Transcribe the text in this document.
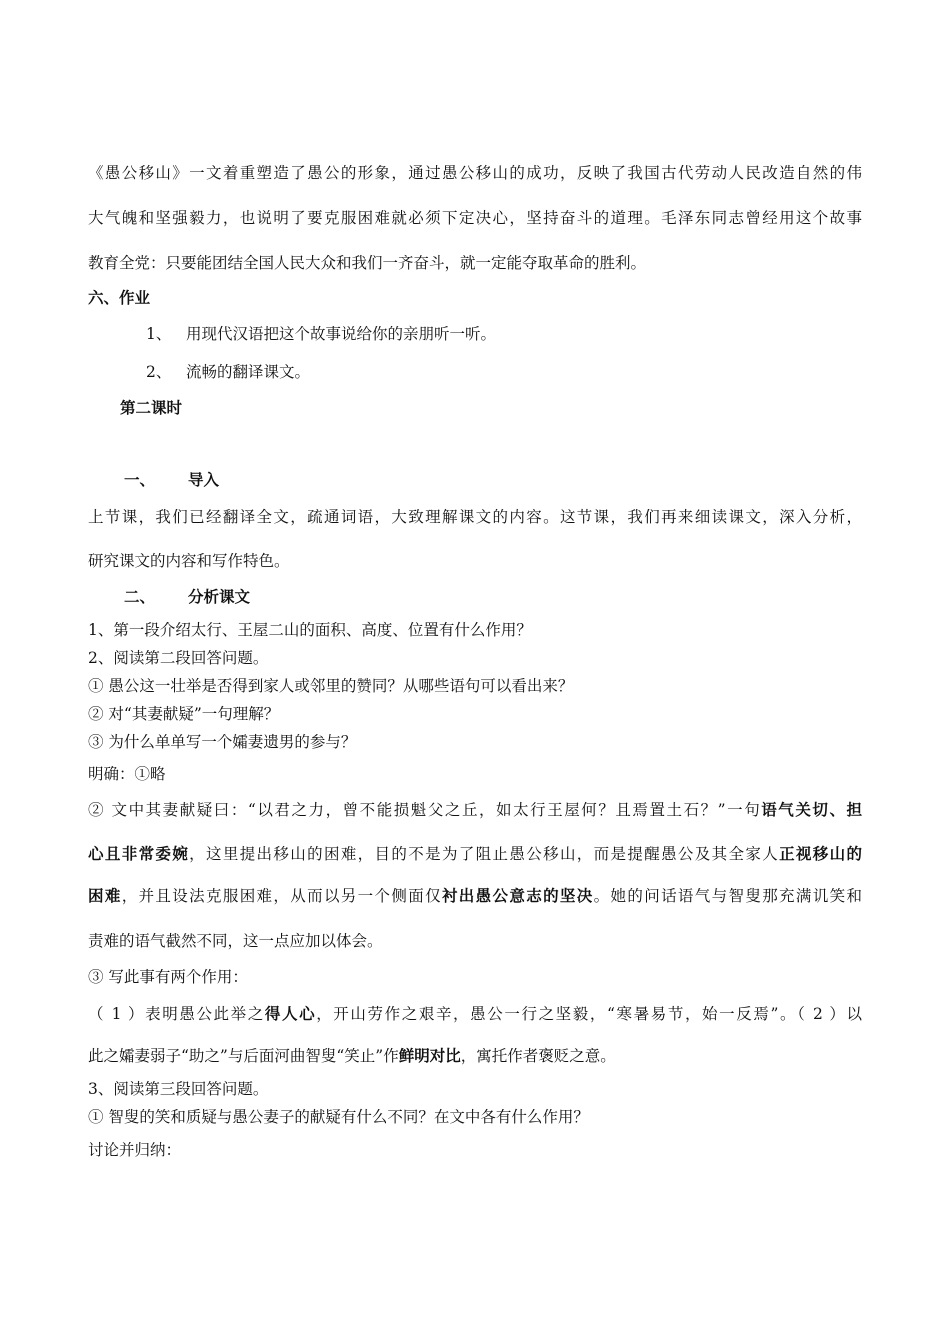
《愚公移山》一文着重塑造了愚公的形象，通过愚公移山的成功，反映了我国古代劳动人民改造自然的伟
大气魄和坚强毅力，也说明了要克服困难就必须下定决心，坚持奋斗的道理。毛泽东同志曾经用这个故事
教育全党：只要能团结全国人民大众和我们一齐奋斗，就一定能夺取革命的胜利。
六、作业
1、 用现代汉语把这个故事说给你的亲朋听一听。
2、 流畅的翻译课文。
第二课时
一、 导入
上节课，我们已经翻译全文，疏通词语，大致理解课文的内容。这节课，我们再来细读课文，深入分析，
研究课文的内容和写作特色。
二、 分析课文
1、第一段介绍太行、王屋二山的面积、高度、位置有什么作用？
2、阅读第二段回答问题。
① 愚公这一壮举是否得到家人或邻里的赞同？从哪些语句可以看出来？
② 对“其妻献疑”一句理解？
③ 为什么单单写一个孀妻遗男的参与？
明确：①略
② 文中其妻献疑曰：“以君之力，曾不能损魁父之丘，如太行王屋何？且焉置土石？”一句语气关切、担
心且非常委婉，这里提出移山的困难，目的不是为了阻止愚公移山，而是提醒愚公及其全家人正视移山的
困难，并且设法克服困难，从而以另一个侧面仅衬出愚公意志的坚决。她的问话语气与智叟那充满讥笑和
责难的语气截然不同，这一点应加以体会。
③ 写此事有两个作用：
（ 1 ）表明愚公此举之得人心，开山劳作之艰辛，愚公一行之坚毅，“寒暑易节，始一反焉”。（ 2 ）以
此之孀妻弱子“助之”与后面河曲智叟“笑止”作鲜明对比，寓托作者褒贬之意。
3、阅读第三段回答问题。
① 智叟的笑和质疑与愚公妻子的献疑有什么不同？在文中各有什么作用？
讨论并归纳：
